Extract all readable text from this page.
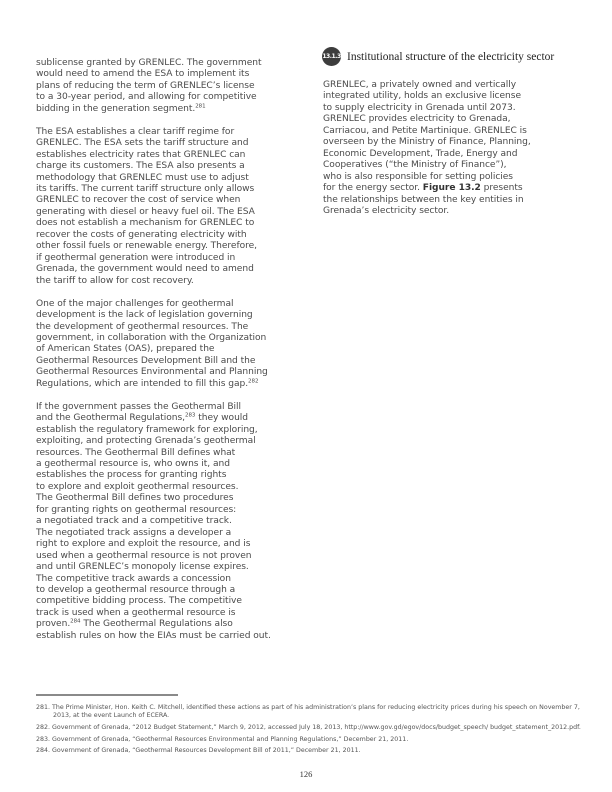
sublicense granted by GRENLEC. The government
would need to amend the ESA to implement its
plans of reducing the term of GRENLEC’s license
to a 30-year period, and allowing for competitive
bidding in the generation segment.$^{281}$

The ESA establishes a clear tariff regime for
GRENLEC. The ESA sets the tariff structure and
establishes electricity rates that GRENLEC can
charge its customers. The ESA also presents a
methodology that GRENLEC must use to adjust
its tariffs. The current tariff structure only allows
GRENLEC to recover the cost of service when
generating with diesel or heavy fuel oil. The ESA
does not establish a mechanism for GRENLEC to
recover the costs of generating electricity with
other fossil fuels or renewable energy. Therefore,
if geothermal generation were introduced in
Grenada, the government would need to amend
the tariff to allow for cost recovery.

One of the major challenges for geothermal
development is the lack of legislation governing
the development of geothermal resources. The
government, in collaboration with the Organization
of American States (OAS), prepared the
Geothermal Resources Development Bill and the
Geothermal Resources Environmental and Planning
Regulations, which are intended to fill this gap.$^{282}$

If the government passes the Geothermal Bill
and the Geothermal Regulations,$^{283}$ they would
establish the regulatory framework for exploring,
exploiting, and protecting Grenada’s geothermal
resources. The Geothermal Bill defines what
a geothermal resource is, who owns it, and
establishes the process for granting rights
to explore and exploit geothermal resources.
The Geothermal Bill defines two procedures
for granting rights on geothermal resources:
a negotiated track and a competitive track.
The negotiated track assigns a developer a
right to explore and exploit the resource, and is
used when a geothermal resource is not proven
and until GRENLEC’s monopoly license expires.
The competitive track awards a concession
to develop a geothermal resource through a
competitive bidding process. The competitive
track is used when a geothermal resource is
proven.$^{284}$ The Geothermal Regulations also
establish rules on how the EIAs must be carried out.

13.1.3 Institutional structure of the electricity sector

GRENLEC, a privately owned and vertically
integrated utility, holds an exclusive license
to supply electricity in Grenada until 2073.
GRENLEC provides electricity to Grenada,
Carriacou, and Petite Martinique. GRENLEC is
overseen by the Ministry of Finance, Planning,
Economic Development, Trade, Energy and
Cooperatives (“the Ministry of Finance”),
who is also responsible for setting policies
for the energy sector. Figure 13.2 presents
the relationships between the key entities in
Grenada’s electricity sector.

281. The Prime Minister, Hon. Keith C. Mitchell, identified these actions as part of his administration’s plans for reducing electricity prices during his speech on November 7, 2013, at the event Launch of ECERA.

282. Government of Grenada, “2012 Budget Statement,” March 9, 2012, accessed July 18, 2013, http://www.gov.gd/egov/docs/budget_speech/ budget_statement_2012.pdf.

283. Government of Grenada, “Geothermal Resources Environmental and Planning Regulations,” December 21, 2011.

284. Government of Grenada, “Geothermal Resources Development Bill of 2011,” December 21, 2011.

126
